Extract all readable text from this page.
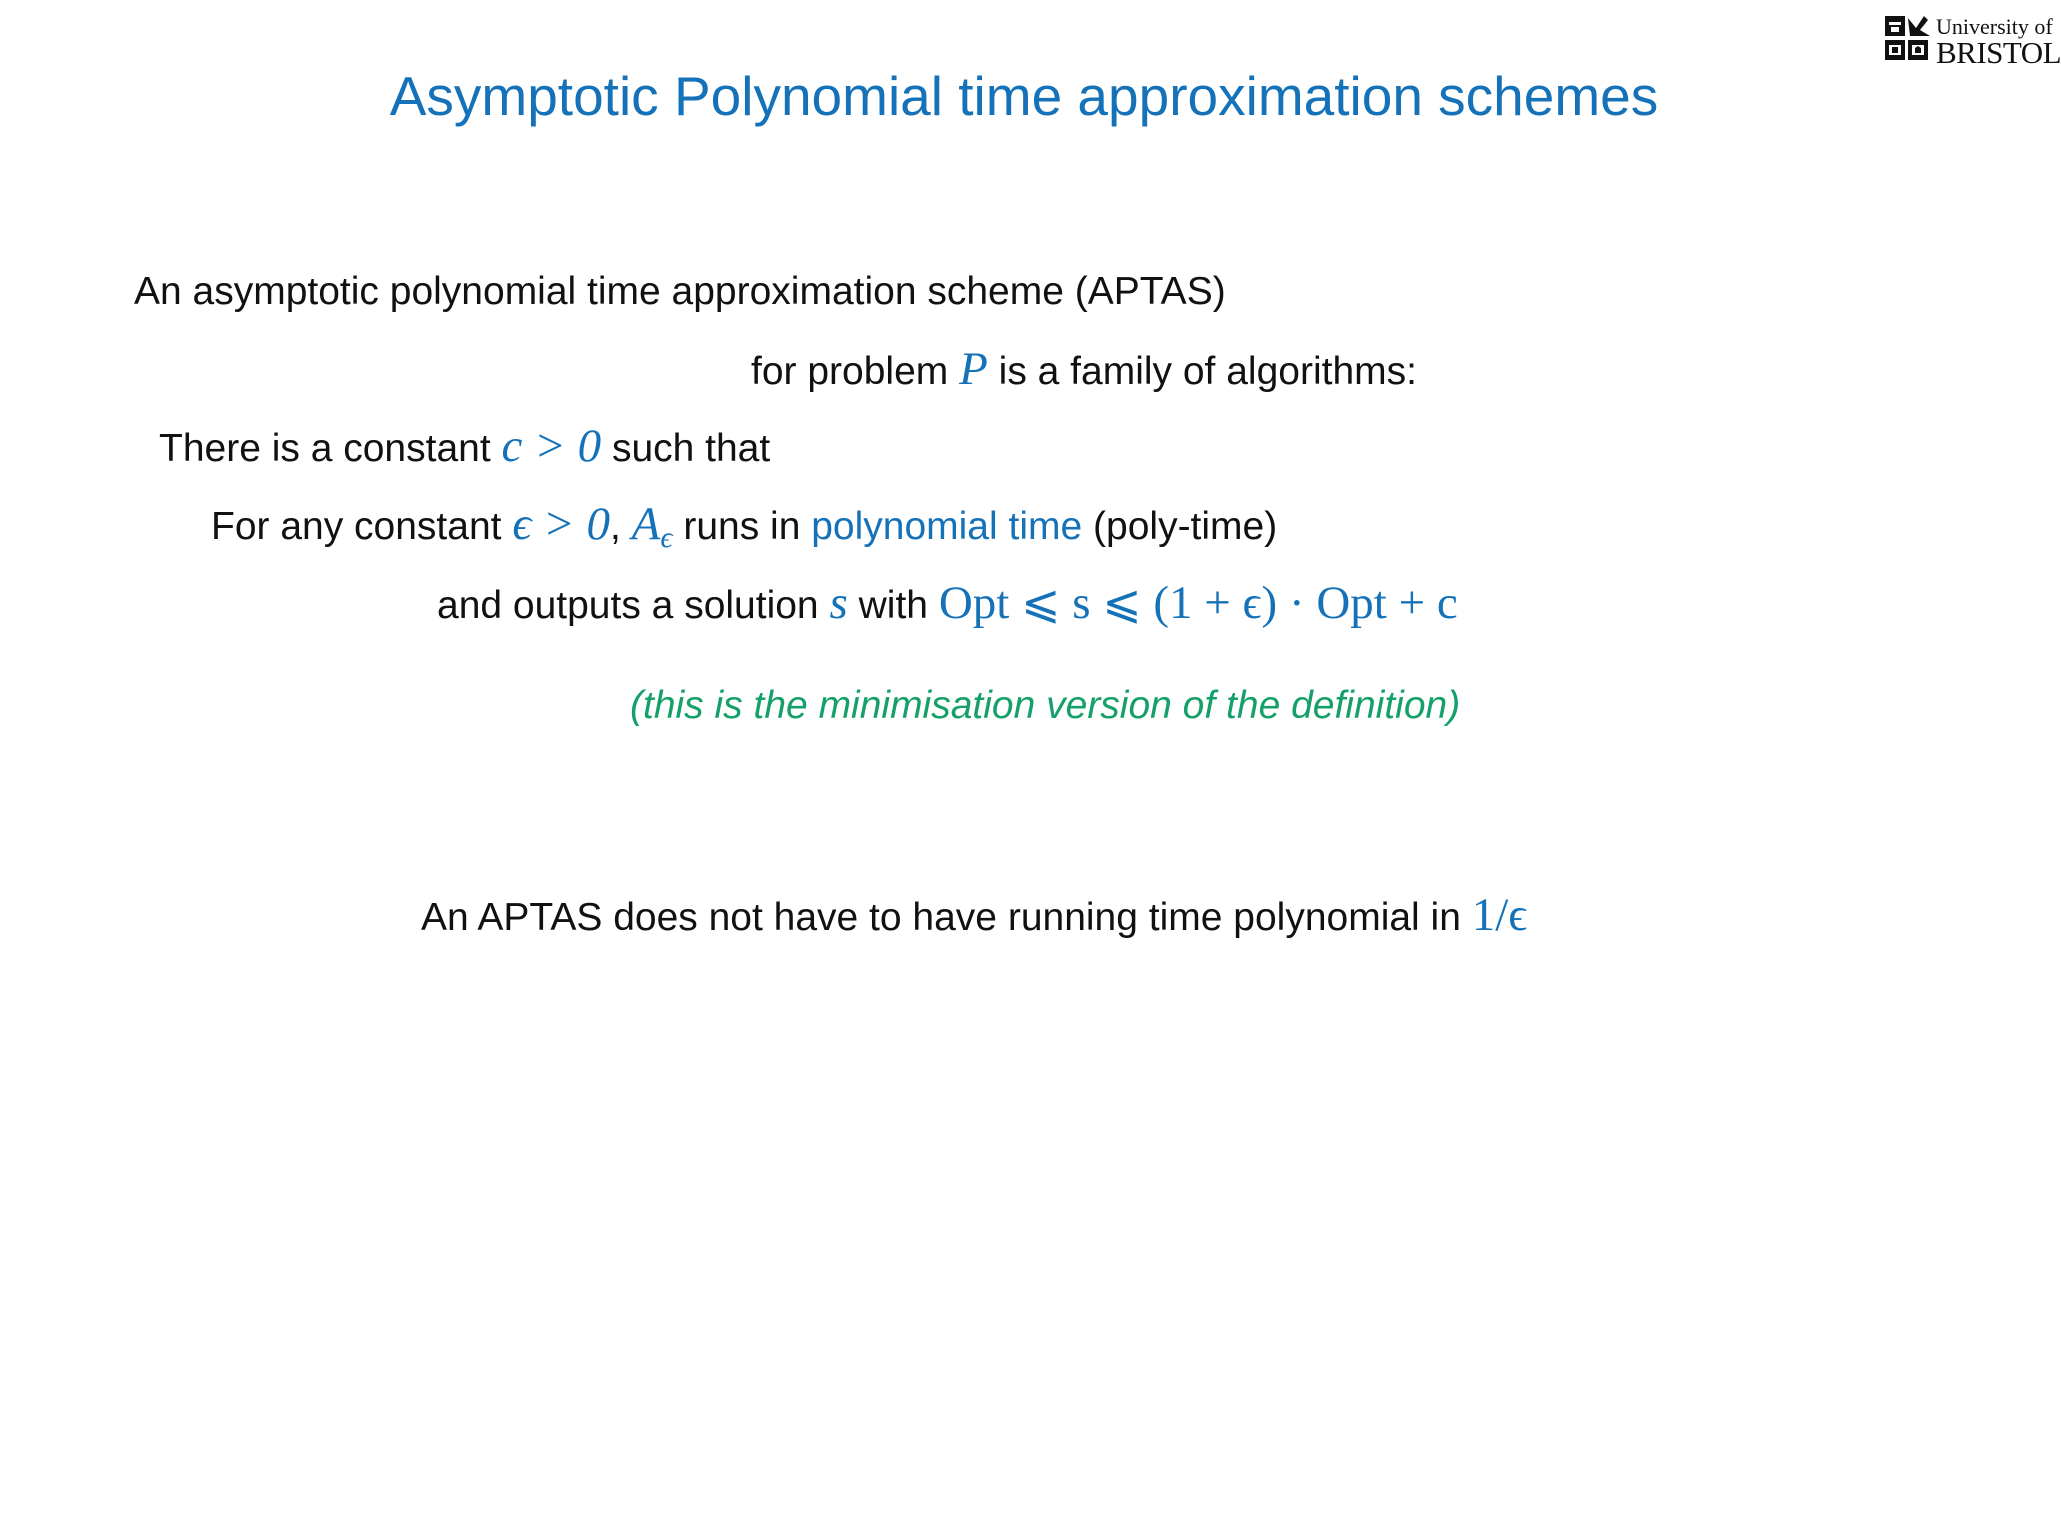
Asymptotic Polynomial time approximation schemes
University of
BRISTOL
An asymptotic polynomial time approximation scheme (APTAS)
for problem P is a family of algorithms:
There is a constant c > 0 such that
For any constant ϵ > 0, $A_\epsilon$ runs in polynomial time (poly-time)
and outputs a solution s with Opt ⩽ s ⩽ (1 + ϵ) · Opt + c
(this is the minimisation version of the definition)
An APTAS does not have to have running time polynomial in 1/ϵ
